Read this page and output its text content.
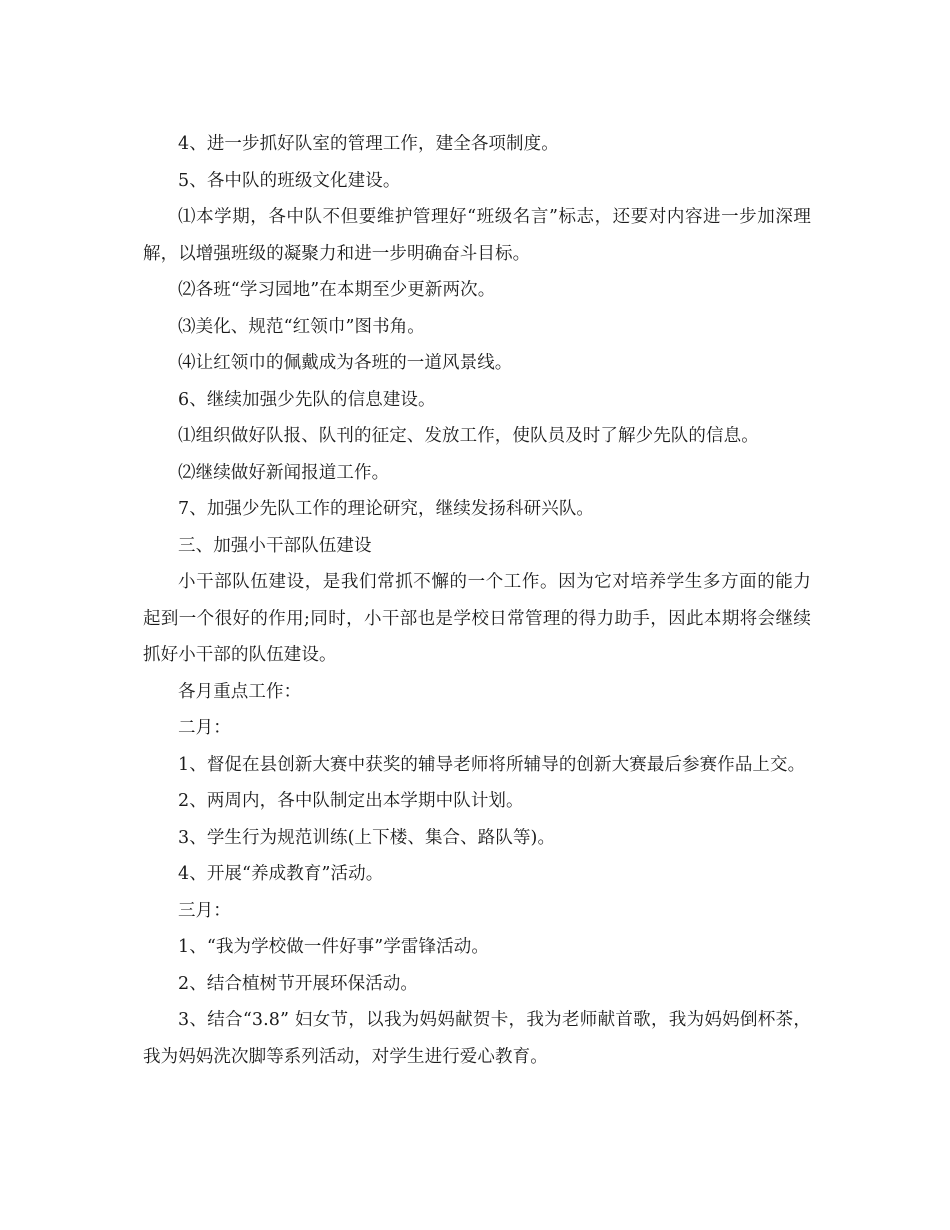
4、进一步抓好队室的管理工作，建全各项制度。

5、各中队的班级文化建设。

⑴本学期，各中队不但要维护管理好“班级名言”标志，还要对内容进一步加深理解，以增强班级的凝聚力和进一步明确奋斗目标。

⑵各班“学习园地”在本期至少更新两次。

⑶美化、规范“红领巾”图书角。

⑷让红领巾的佩戴成为各班的一道风景线。

6、继续加强少先队的信息建设。

⑴组织做好队报、队刊的征定、发放工作，使队员及时了解少先队的信息。

⑵继续做好新闻报道工作。

7、加强少先队工作的理论研究，继续发扬科研兴队。

三、加强小干部队伍建设

小干部队伍建设，是我们常抓不懈的一个工作。因为它对培养学生多方面的能力起到一个很好的作用;同时，小干部也是学校日常管理的得力助手，因此本期将会继续抓好小干部的队伍建设。

各月重点工作：

二月：

1、督促在县创新大赛中获奖的辅导老师将所辅导的创新大赛最后参赛作品上交。

2、两周内，各中队制定出本学期中队计划。

3、学生行为规范训练(上下楼、集合、路队等)。

4、开展“养成教育”活动。

三月：

1、“我为学校做一件好事”学雷锋活动。

2、结合植树节开展环保活动。

3、结合“3.8” 妇女节，以我为妈妈献贺卡，我为老师献首歌，我为妈妈倒杯茶，我为妈妈洗次脚等系列活动，对学生进行爱心教育。
